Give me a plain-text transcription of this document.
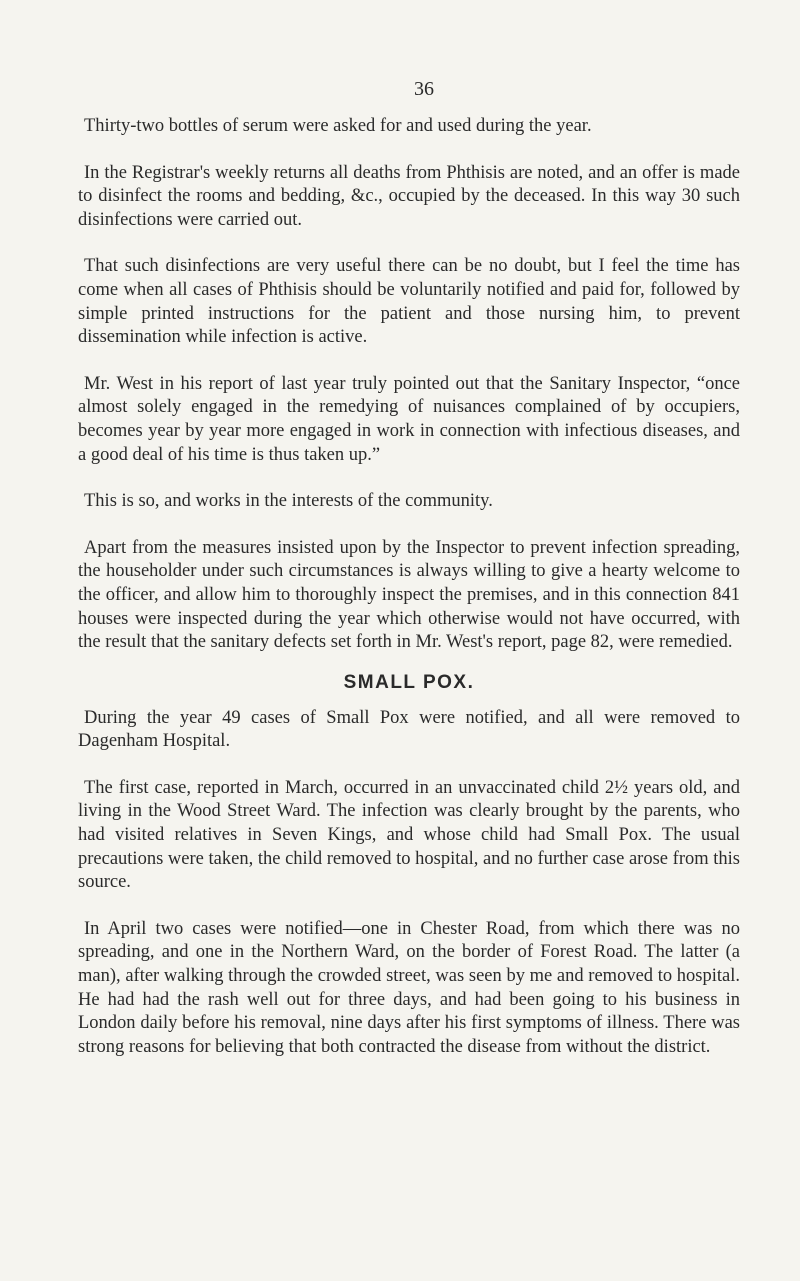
36

Thirty-two bottles of serum were asked for and used during the year.

In the Registrar's weekly returns all deaths from Phthisis are noted, and an offer is made to disinfect the rooms and bedding, &c., occupied by the deceased. In this way 30 such disinfections were carried out.

That such disinfections are very useful there can be no doubt, but I feel the time has come when all cases of Phthisis should be voluntarily notified and paid for, followed by simple printed instructions for the patient and those nursing him, to prevent dissemination while infection is active.

Mr. West in his report of last year truly pointed out that the Sanitary Inspector, “once almost solely engaged in the remedying of nuisances complained of by occupiers, becomes year by year more engaged in work in connection with infectious diseases, and a good deal of his time is thus taken up.”

This is so, and works in the interests of the community.

Apart from the measures insisted upon by the Inspector to prevent infection spreading, the householder under such circumstances is always willing to give a hearty welcome to the officer, and allow him to thoroughly inspect the premises, and in this connection 841 houses were inspected during the year which otherwise would not have occurred, with the result that the sanitary defects set forth in Mr. West's report, page 82, were remedied.

SMALL POX.

During the year 49 cases of Small Pox were notified, and all were removed to Dagenham Hospital.

The first case, reported in March, occurred in an unvaccinated child 2½ years old, and living in the Wood Street Ward. The infection was clearly brought by the parents, who had visited relatives in Seven Kings, and whose child had Small Pox. The usual precautions were taken, the child removed to hospital, and no further case arose from this source.

In April two cases were notified—one in Chester Road, from which there was no spreading, and one in the Northern Ward, on the border of Forest Road. The latter (a man), after walking through the crowded street, was seen by me and removed to hospital. He had had the rash well out for three days, and had been going to his business in London daily before his removal, nine days after his first symptoms of illness. There was strong reasons for believing that both contracted the disease from without the district.
